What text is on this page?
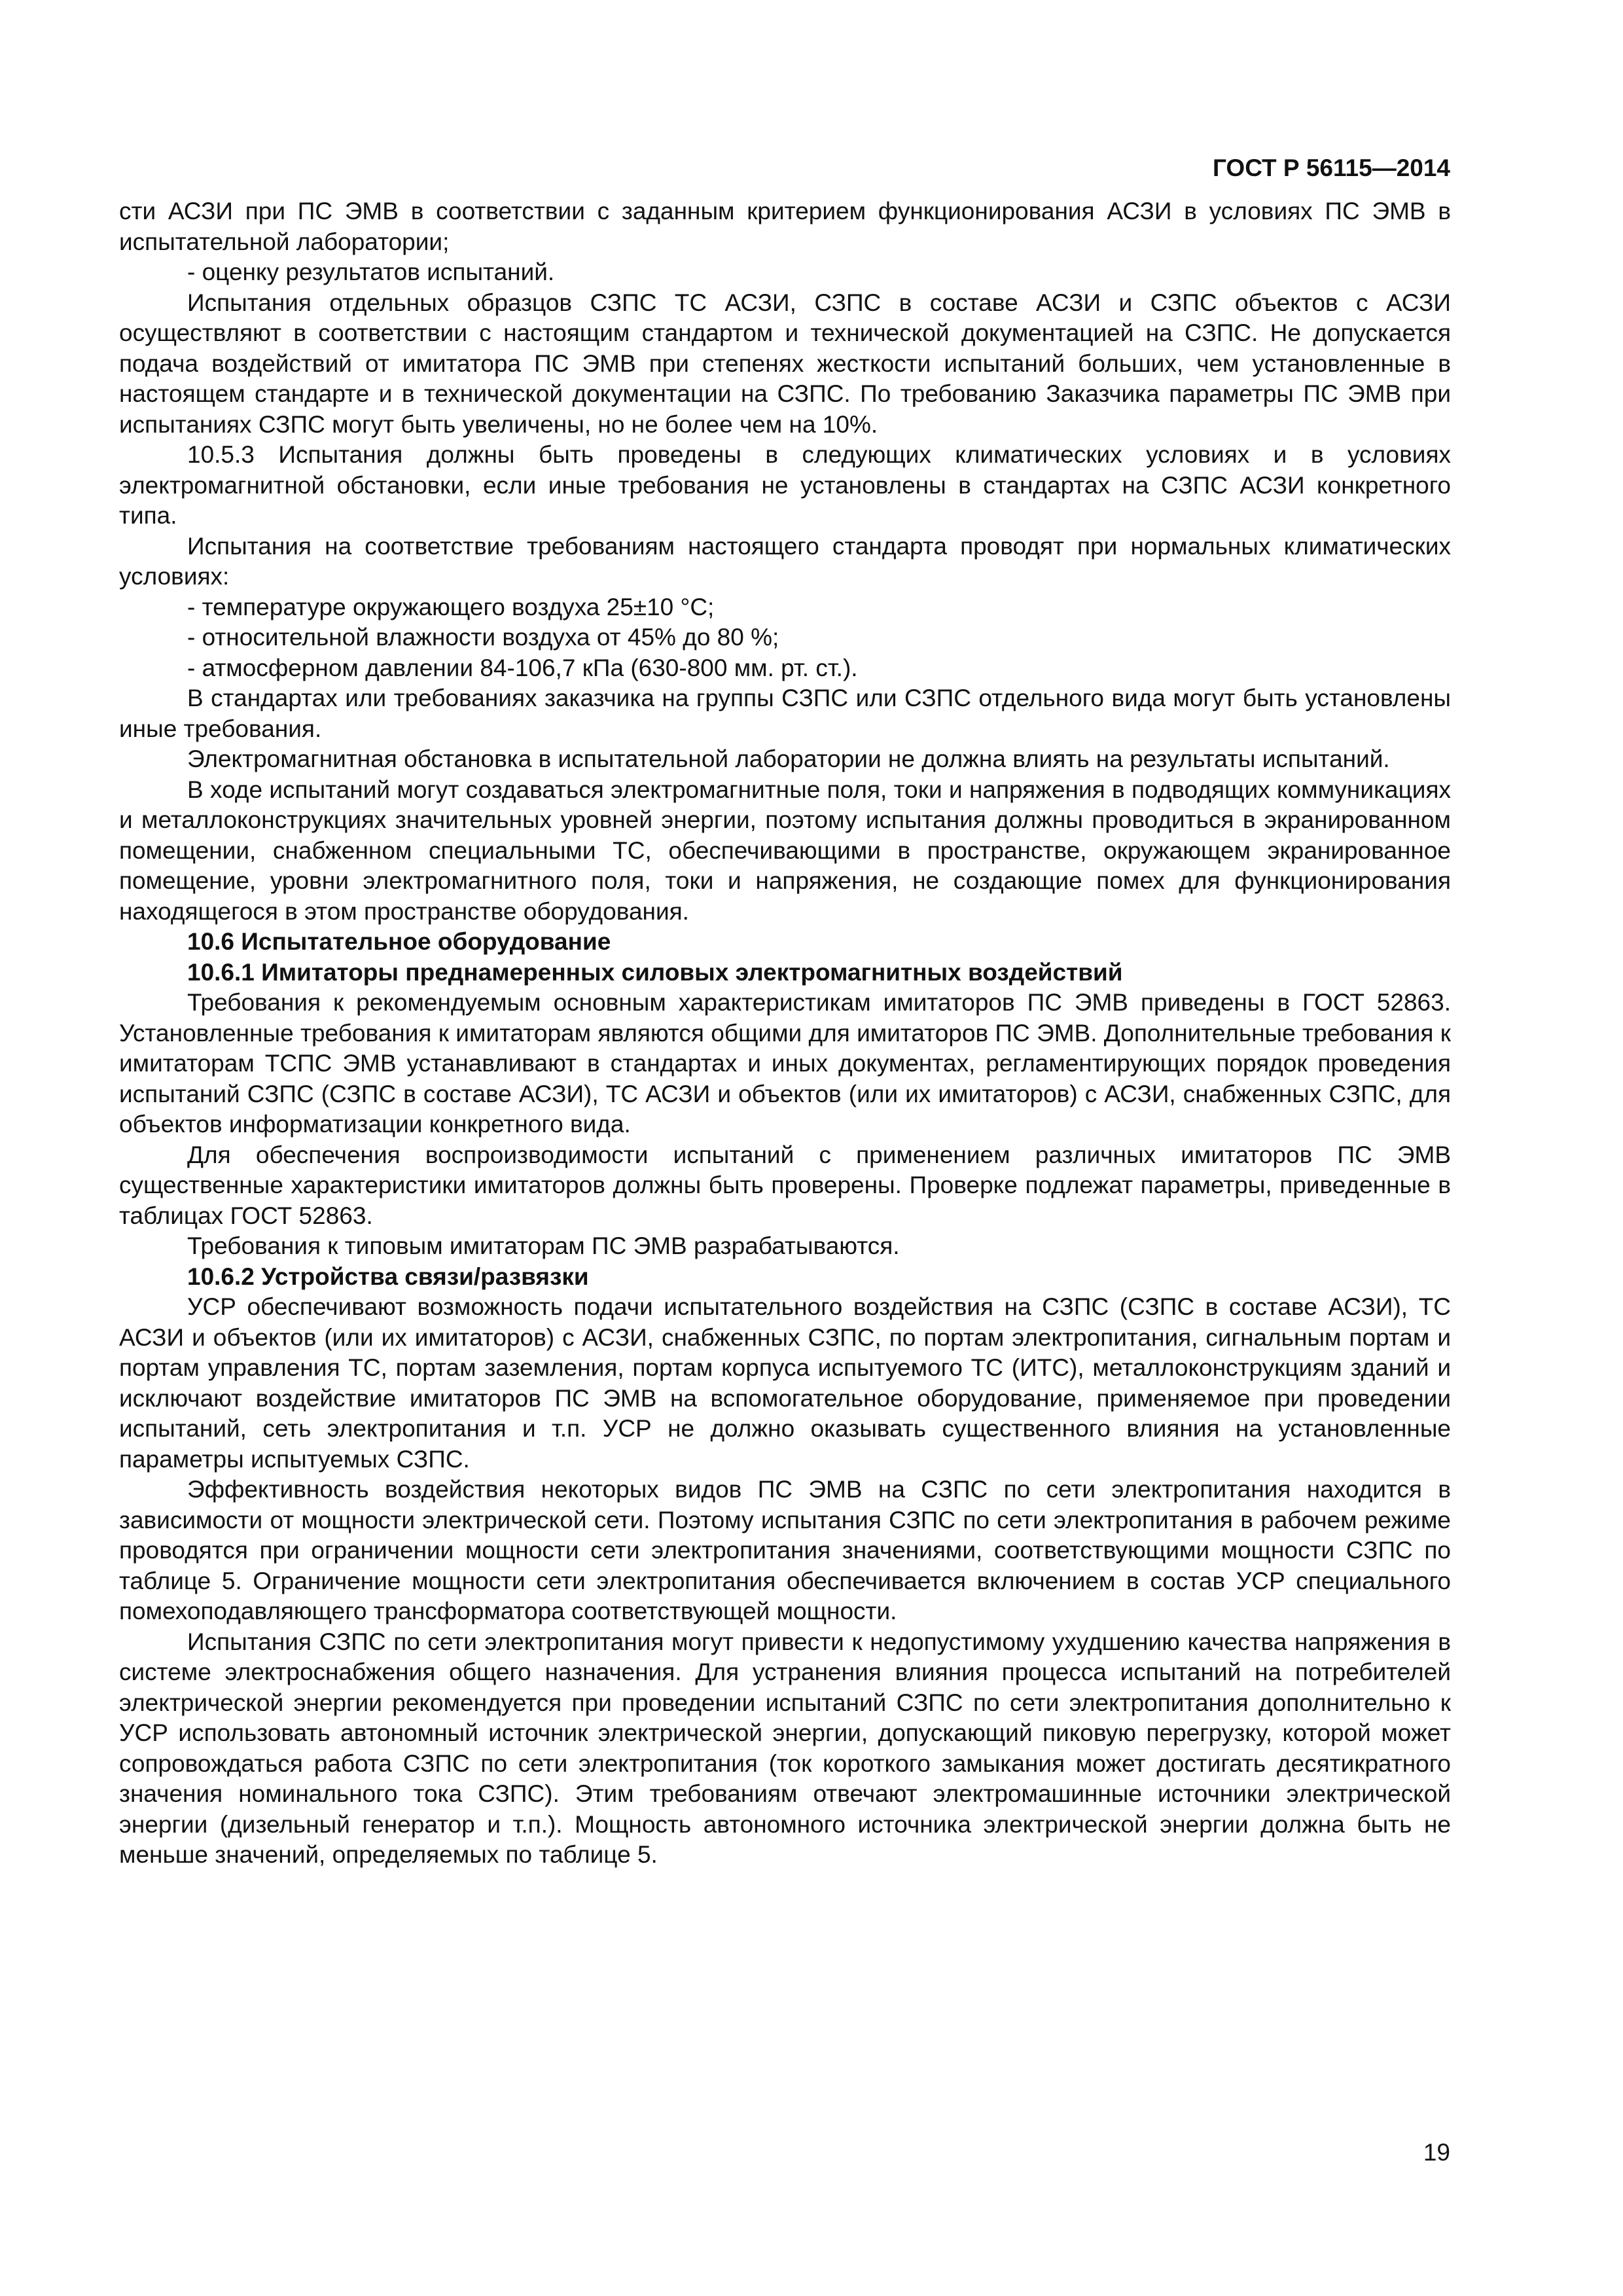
ГОСТ Р 56115—2014

сти АСЗИ при ПС ЭМВ в соответствии с заданным критерием функционирования АСЗИ в условиях ПС ЭМВ в испытательной лаборатории;

- оценку результатов испытаний.

Испытания отдельных образцов СЗПС ТС АСЗИ, СЗПС в составе АСЗИ и СЗПС объектов с АСЗИ осуществляют в соответствии с настоящим стандартом и технической документацией на СЗПС. Не допускается подача воздействий от имитатора ПС ЭМВ при степенях жесткости испытаний больших, чем установленные в настоящем стандарте и в технической документации на СЗПС. По требованию Заказчика параметры ПС ЭМВ при испытаниях СЗПС могут быть увеличены, но не более чем на 10%.

10.5.3 Испытания должны быть проведены в следующих климатических условиях и в условиях электромагнитной обстановки, если иные требования не установлены в стандартах на СЗПС АСЗИ конкретного типа.

Испытания на соответствие требованиям настоящего стандарта проводят при нормальных климатических условиях:

- температуре окружающего воздуха 25±10 °С;

- относительной влажности воздуха от 45% до 80 %;

- атмосферном давлении 84-106,7 кПа (630-800 мм. рт. ст.).

В стандартах или требованиях заказчика на группы СЗПС или СЗПС отдельного вида могут быть установлены иные требования.

Электромагнитная обстановка в испытательной лаборатории не должна влиять на результаты испытаний.

В ходе испытаний могут создаваться электромагнитные поля, токи и напряжения в подводящих коммуникациях и металлоконструкциях значительных уровней энергии, поэтому испытания должны проводиться в экранированном помещении, снабженном специальными ТС, обеспечивающими в пространстве, окружающем экранированное помещение, уровни электромагнитного поля, токи и напряжения, не создающие помех для функционирования находящегося в этом пространстве оборудования.

10.6 Испытательное оборудование

10.6.1 Имитаторы преднамеренных силовых электромагнитных воздействий

Требования к рекомендуемым основным характеристикам имитаторов ПС ЭМВ приведены в ГОСТ 52863. Установленные требования к имитаторам являются общими для имитаторов ПС ЭМВ. Дополнительные требования к имитаторам ТСПС ЭМВ устанавливают в стандартах и иных документах, регламентирующих порядок проведения испытаний СЗПС (СЗПС в составе АСЗИ), ТС АСЗИ и объектов (или их имитаторов) с АСЗИ, снабженных СЗПС, для объектов информатизации конкретного вида.

Для обеспечения воспроизводимости испытаний с применением различных имитаторов ПС ЭМВ существенные характеристики имитаторов должны быть проверены. Проверке подлежат параметры, приведенные в таблицах ГОСТ 52863.

Требования к типовым имитаторам ПС ЭМВ разрабатываются.

10.6.2 Устройства связи/развязки

УСР обеспечивают возможность подачи испытательного воздействия на СЗПС (СЗПС в составе АСЗИ), ТС АСЗИ и объектов (или их имитаторов) с АСЗИ, снабженных СЗПС, по портам электропитания, сигнальным портам и портам управления ТС, портам заземления, портам корпуса испытуемого ТС (ИТС), металлоконструкциям зданий и исключают воздействие имитаторов ПС ЭМВ на вспомогательное оборудование, применяемое при проведении испытаний, сеть электропитания и т.п. УСР не должно оказывать существенного влияния на установленные параметры испытуемых СЗПС.

Эффективность воздействия некоторых видов ПС ЭМВ на СЗПС по сети электропитания находится в зависимости от мощности электрической сети. Поэтому испытания СЗПС по сети электропитания в рабочем режиме проводятся при ограничении мощности сети электропитания значениями, соответствующими мощности СЗПС по таблице 5. Ограничение мощности сети электропитания обеспечивается включением в состав УСР специального помехоподавляющего трансформатора соответствующей мощности.

Испытания СЗПС по сети электропитания могут привести к недопустимому ухудшению качества напряжения в системе электроснабжения общего назначения. Для устранения влияния процесса испытаний на потребителей электрической энергии рекомендуется при проведении испытаний СЗПС по сети электропитания дополнительно к УСР использовать автономный источник электрической энергии, допускающий пиковую перегрузку, которой может сопровождаться работа СЗПС по сети электропитания (ток короткого замыкания может достигать десятикратного значения номинального тока СЗПС). Этим требованиям отвечают электромашинные источники электрической энергии (дизельный генератор и т.п.). Мощность автономного источника электрической энергии должна быть не меньше значений, определяемых по таблице 5.

19
